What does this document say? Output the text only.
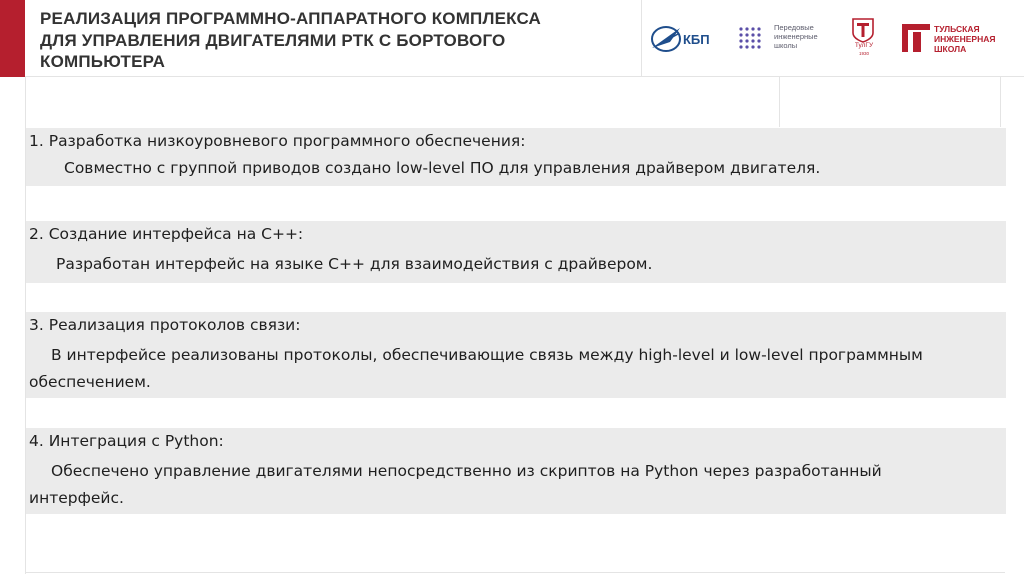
РЕАЛИЗАЦИЯ ПРОГРАММНО-АППАРАТНОГО КОМПЛЕКСА
ДЛЯ УПРАВЛЕНИЯ ДВИГАТЕЛЯМИ РТК С БОРТОВОГО
КОМПЬЮТЕРА
КБП
Передовые
инженерные
школы	ТулГУ
1930
ТУЛЬСКАЯ
ИНЖЕНЕРНАЯ
ШКОЛА
1. Разработка низкоуровневого программного обеспечения:
Совместно с группой приводов создано low-level ПО для управления драйвером двигателя.
2. Создание интерфейса на С++:
Разработан интерфейс на языке С++ для взаимодействия с драйвером.
3. Реализация протоколов связи:
В интерфейсе реализованы протоколы, обеспечивающие связь между high-level и low-level программным
обеспечением.
4. Интеграция с Python:
Обеспечено управление двигателями непосредственно из скриптов на Python через разработанный
интерфейс.
